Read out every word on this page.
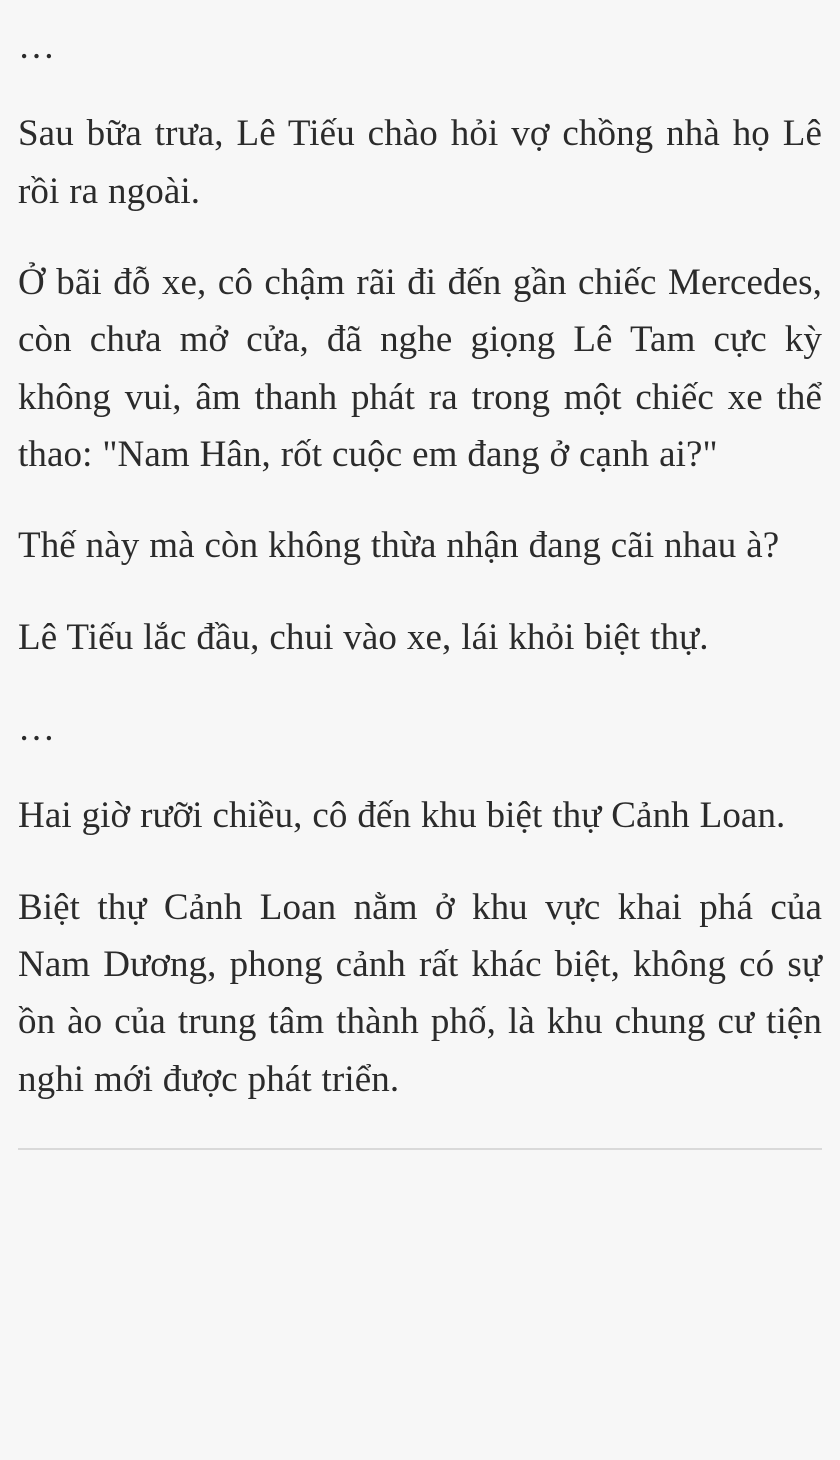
…

Sau bữa trưa, Lê Tiếu chào hỏi vợ chồng nhà họ Lê rồi ra ngoài.

Ở bãi đỗ xe, cô chậm rãi đi đến gần chiếc Mercedes, còn chưa mở cửa, đã nghe giọng Lê Tam cực kỳ không vui, âm thanh phát ra trong một chiếc xe thể thao: "Nam Hân, rốt cuộc em đang ở cạnh ai?"

Thế này mà còn không thừa nhận đang cãi nhau à?

Lê Tiếu lắc đầu, chui vào xe, lái khỏi biệt thự.

…

Hai giờ rưỡi chiều, cô đến khu biệt thự Cảnh Loan.

Biệt thự Cảnh Loan nằm ở khu vực khai phá của Nam Dương, phong cảnh rất khác biệt, không có sự ồn ào của trung tâm thành phố, là khu chung cư tiện nghi mới được phát triển.
